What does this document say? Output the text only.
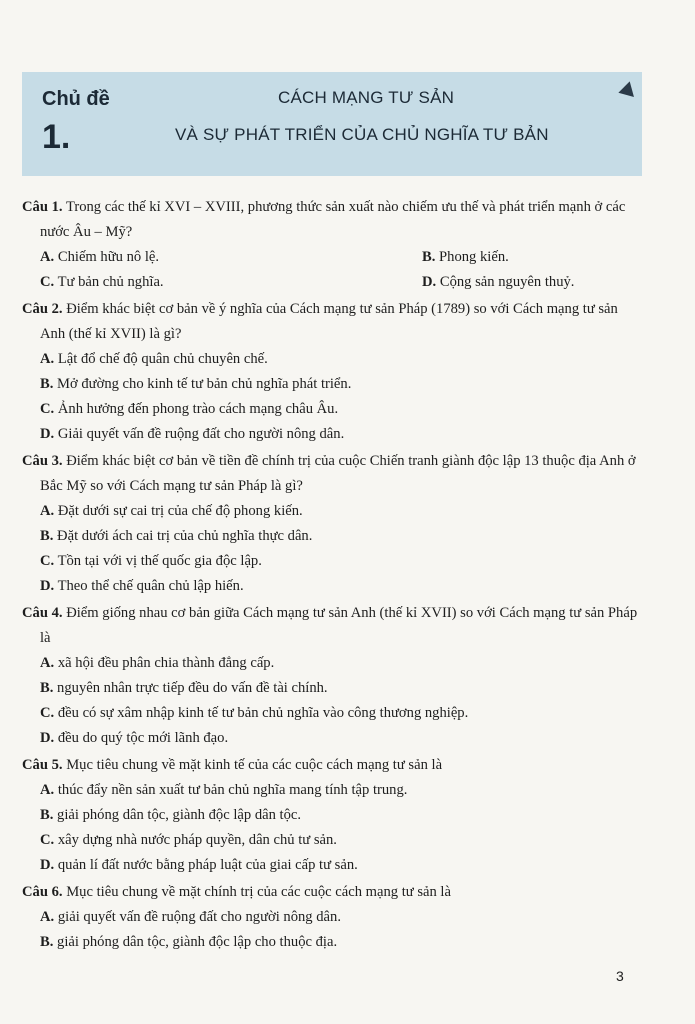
Chủ đề
1.
CÁCH MẠNG TƯ SẢN
VÀ SỰ PHÁT TRIỂN CỦA CHỦ NGHĨA TƯ BẢN
Câu 1. Trong các thế kỉ XVI – XVIII, phương thức sản xuất nào chiếm ưu thế và phát triển mạnh ở các nước Âu – Mỹ?
A. Chiếm hữu nô lệ.	B. Phong kiến.
C. Tư bản chủ nghĩa.	D. Cộng sản nguyên thuỷ.
Câu 2. Điểm khác biệt cơ bản về ý nghĩa của Cách mạng tư sản Pháp (1789) so với Cách mạng tư sản Anh (thế kỉ XVII) là gì?
A. Lật đổ chế độ quân chủ chuyên chế.
B. Mở đường cho kinh tế tư bản chủ nghĩa phát triển.
C. Ảnh hưởng đến phong trào cách mạng châu Âu.
D. Giải quyết vấn đề ruộng đất cho người nông dân.
Câu 3. Điểm khác biệt cơ bản về tiền đề chính trị của cuộc Chiến tranh giành độc lập 13 thuộc địa Anh ở Bắc Mỹ so với Cách mạng tư sản Pháp là gì?
A. Đặt dưới sự cai trị của chế độ phong kiến.
B. Đặt dưới ách cai trị của chủ nghĩa thực dân.
C. Tồn tại với vị thế quốc gia độc lập.
D. Theo thể chế quân chủ lập hiến.
Câu 4. Điểm giống nhau cơ bản giữa Cách mạng tư sản Anh (thế kỉ XVII) so với Cách mạng tư sản Pháp là
A. xã hội đều phân chia thành đẳng cấp.
B. nguyên nhân trực tiếp đều do vấn đề tài chính.
C. đều có sự xâm nhập kinh tế tư bản chủ nghĩa vào công thương nghiệp.
D. đều do quý tộc mới lãnh đạo.
Câu 5. Mục tiêu chung về mặt kinh tế của các cuộc cách mạng tư sản là
A. thúc đẩy nền sản xuất tư bản chủ nghĩa mang tính tập trung.
B. giải phóng dân tộc, giành độc lập dân tộc.
C. xây dựng nhà nước pháp quyền, dân chủ tư sản.
D. quản lí đất nước bằng pháp luật của giai cấp tư sản.
Câu 6. Mục tiêu chung về mặt chính trị của các cuộc cách mạng tư sản là
A. giải quyết vấn đề ruộng đất cho người nông dân.
B. giải phóng dân tộc, giành độc lập cho thuộc địa.
3
